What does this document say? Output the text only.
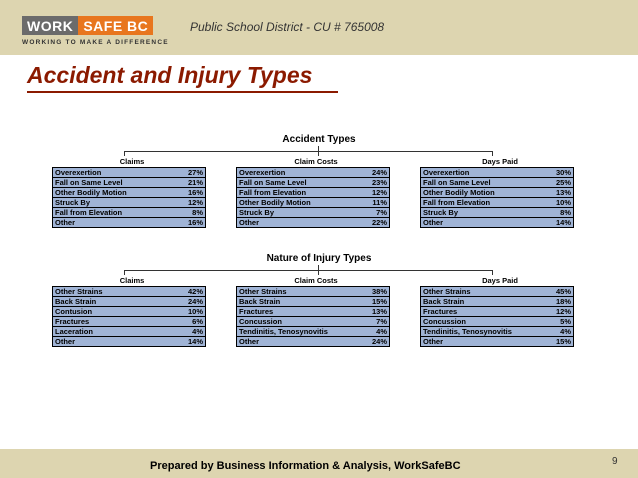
WORK SAFE BC
WORKING TO MAKE A DIFFERENCE
Public School District - CU # 765008
Accident and Injury Types
Accident Types
Claims	Claim Costs	Days Paid
Overexertion	27%
Fall on Same Level	21%
Other Bodily Motion	16%
Struck By	12%
Fall from Elevation	8%
Other	16%
Overexertion	24%
Fall on Same Level	23%
Fall from Elevation	12%
Other Bodily Motion	11%
Struck By	7%
Other	22%
Overexertion	30%
Fall on Same Level	25%
Other Bodily Motion	13%
Fall from Elevation	10%
Struck By	8%
Other	14%
Nature of Injury Types
Claims	Claim Costs	Days Paid
Other Strains	42%
Back Strain	24%
Contusion	10%
Fractures	6%
Laceration	4%
Other	14%
Other Strains	38%
Back Strain	15%
Fractures	13%
Concussion	7%
Tendinitis, Tenosynovitis	4%
Other	24%
Other Strains	45%
Back Strain	18%
Fractures	12%
Concussion	5%
Tendinitis, Tenosynovitis	4%
Other	15%
Prepared by Business Information & Analysis, WorkSafeBC	9
